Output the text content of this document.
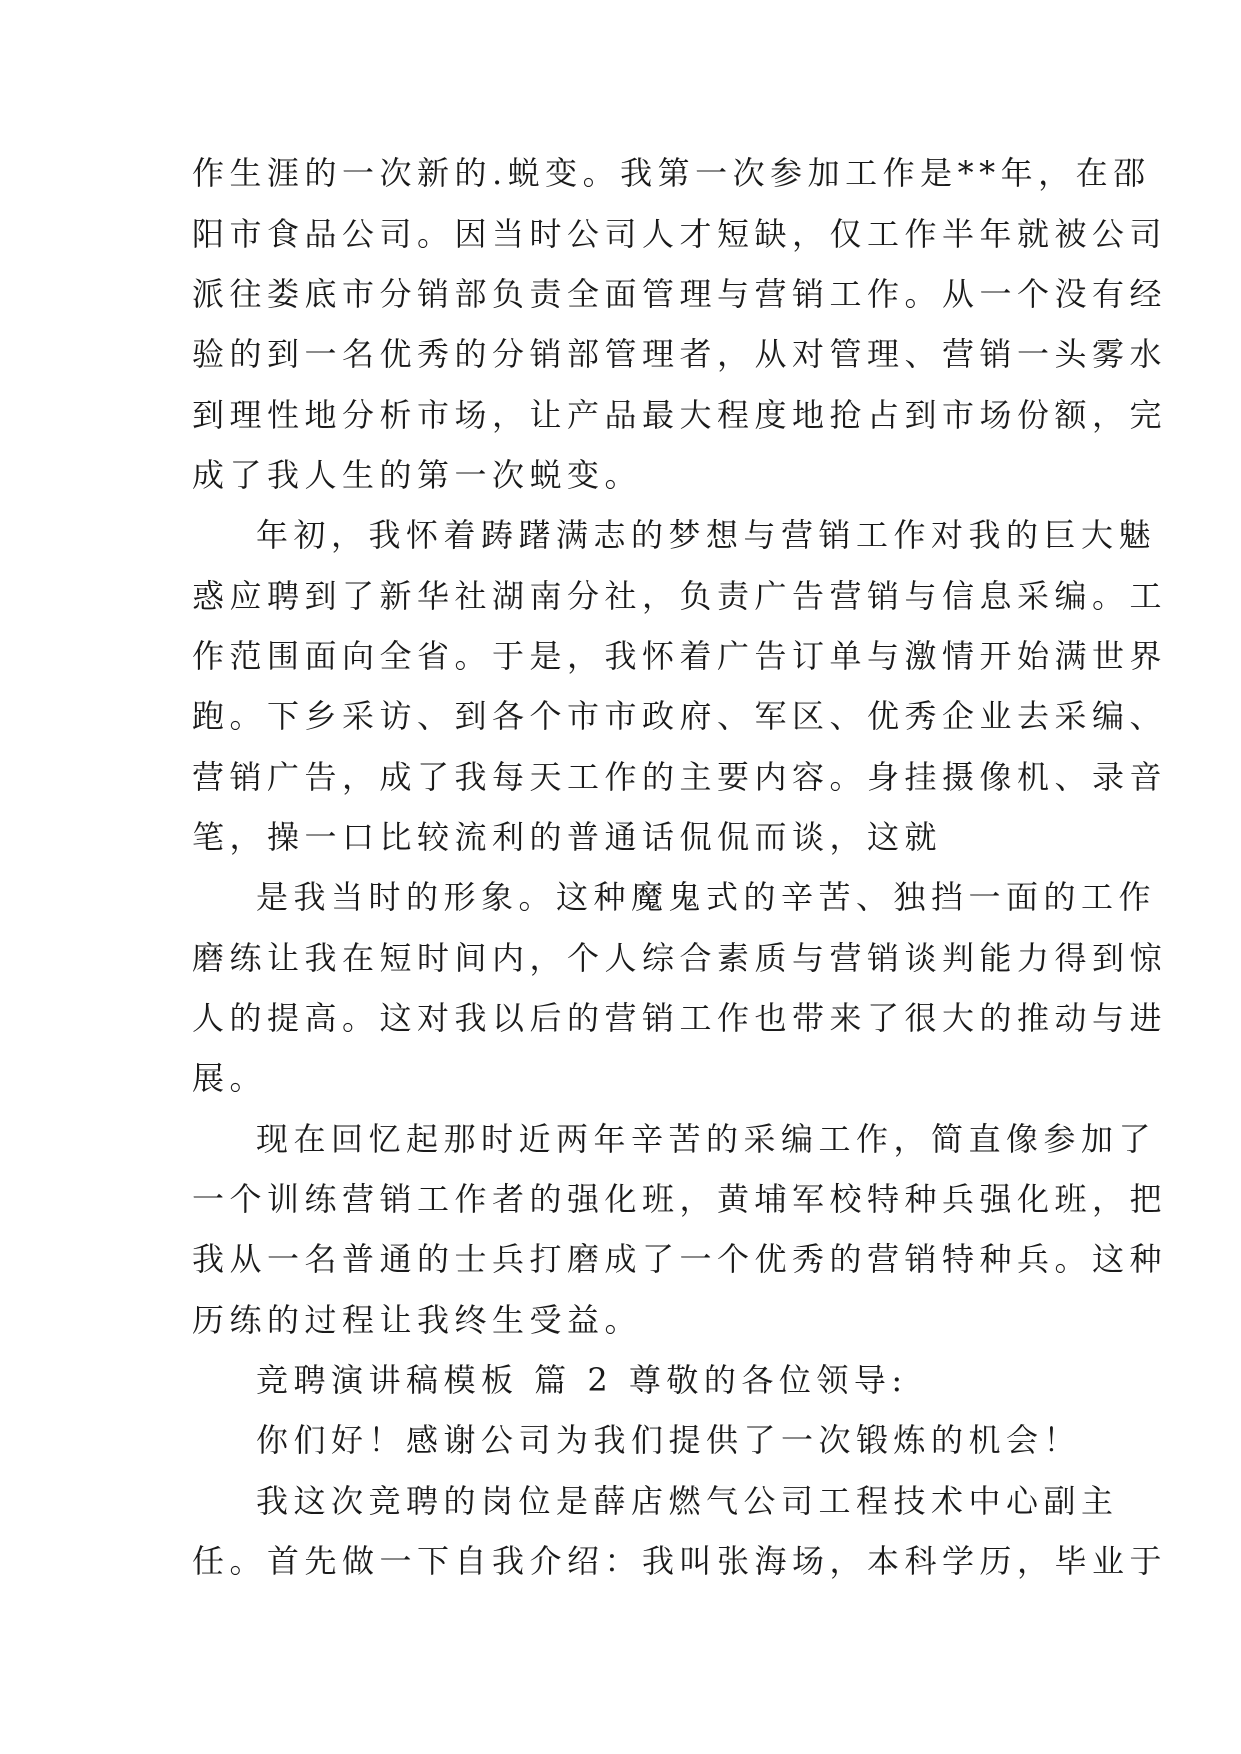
作生涯的一次新的.蜕变。我第一次参加工作是**年，在邵
阳市食品公司。因当时公司人才短缺，仅工作半年就被公司
派往娄底市分销部负责全面管理与营销工作。从一个没有经
验的到一名优秀的分销部管理者，从对管理、营销一头雾水
到理性地分析市场，让产品最大程度地抢占到市场份额，完
成了我人生的第一次蜕变。
年初，我怀着踌躇满志的梦想与营销工作对我的巨大魅
惑应聘到了新华社湖南分社，负责广告营销与信息采编。工
作范围面向全省。于是，我怀着广告订单与激情开始满世界
跑。下乡采访、到各个市市政府、军区、优秀企业去采编、
营销广告，成了我每天工作的主要内容。身挂摄像机、录音
笔，操一口比较流利的普通话侃侃而谈，这就
是我当时的形象。这种魔鬼式的辛苦、独挡一面的工作
磨练让我在短时间内，个人综合素质与营销谈判能力得到惊
人的提高。这对我以后的营销工作也带来了很大的推动与进
展。
现在回忆起那时近两年辛苦的采编工作，简直像参加了
一个训练营销工作者的强化班，黄埔军校特种兵强化班，把
我从一名普通的士兵打磨成了一个优秀的营销特种兵。这种
历练的过程让我终生受益。
竞聘演讲稿模板 篇 2 尊敬的各位领导:
你们好！感谢公司为我们提供了一次锻炼的机会！
我这次竞聘的岗位是薛店燃气公司工程技术中心副主
任。首先做一下自我介绍：我叫张海场，本科学历，毕业于
